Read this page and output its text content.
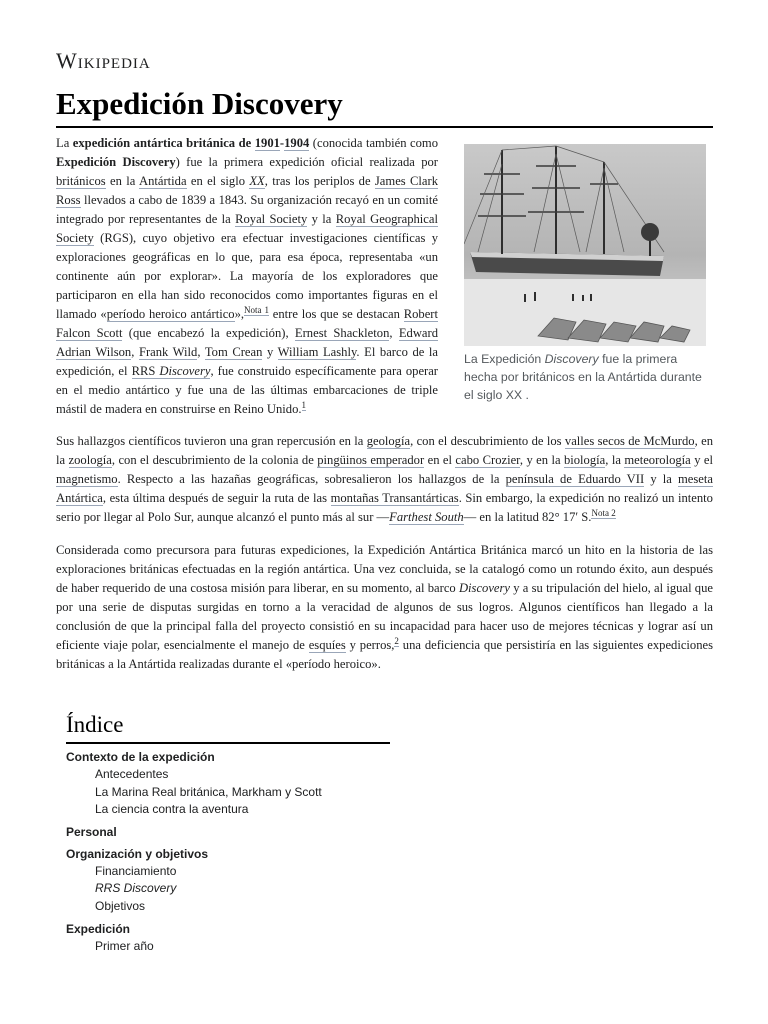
Wikipedia
Expedición Discovery
La Expedición Discovery fue la primera hecha por británicos en la Antártida durante el siglo XX .

La expedición antártica británica de 1901-1904 (conocida también como Expedición Discovery) fue la primera expedición oficial realizada por británicos en la Antártida en el siglo XX, tras los periplos de James Clark Ross llevados a cabo de 1839 a 1843. Su organización recayó en un comité integrado por representantes de la Royal Society y la Royal Geographical Society (RGS), cuyo objetivo era efectuar investigaciones científicas y exploraciones geográficas en lo que, para esa época, representaba «un continente aún por explorar». La mayoría de los exploradores que participaron en ella han sido reconocidos como importantes figuras en el llamado «período heroico antártico»,$^{Nota 1}$ entre los que se destacan Robert Falcon Scott (que encabezó la expedición), Ernest Shackleton, Edward Adrian Wilson, Frank Wild, Tom Crean y William Lashly. El barco de la expedición, el RRS Discovery, fue construido específicamente para operar en el medio antártico y fue una de las últimas embarcaciones de triple mástil de madera en construirse en Reino Unido.$^1$

Sus hallazgos científicos tuvieron una gran repercusión en la geología, con el descubrimiento de los valles secos de McMurdo, en la zoología, con el descubrimiento de la colonia de pingüinos emperador en el cabo Crozier, y en la biología, la meteorología y el magnetismo. Respecto a las hazañas geográficas, sobresalieron los hallazgos de la península de Eduardo VII y la meseta Antártica, esta última después de seguir la ruta de las montañas Transantárticas. Sin embargo, la expedición no realizó un intento serio por llegar al Polo Sur, aunque alcanzó el punto más al sur —Farthest South— en la latitud 82° 17′ S.$^{Nota 2}$

Considerada como precursora para futuras expediciones, la Expedición Antártica Británica marcó un hito en la historia de las exploraciones británicas efectuadas en la región antártica. Una vez concluida, se la catalogó como un rotundo éxito, aun después de haber requerido de una costosa misión para liberar, en su momento, al barco Discovery y a su tripulación del hielo, al igual que por una serie de disputas surgidas en torno a la veracidad de algunos de sus logros. Algunos científicos han llegado a la conclusión de que la principal falla del proyecto consistió en su incapacidad para hacer uso de mejores técnicas y lograr así un eficiente viaje polar, esencialmente el manejo de esquíes y perros,$^2$ una deficiencia que persistiría en las siguientes expediciones británicas a la Antártida realizadas durante el «período heroico».

Índice
Contexto de la expedición
Antecedentes
La Marina Real británica, Markham y Scott
La ciencia contra la aventura
Personal
Organización y objetivos
Financiamiento
RRS Discovery
Objetivos
Expedición
Primer año
